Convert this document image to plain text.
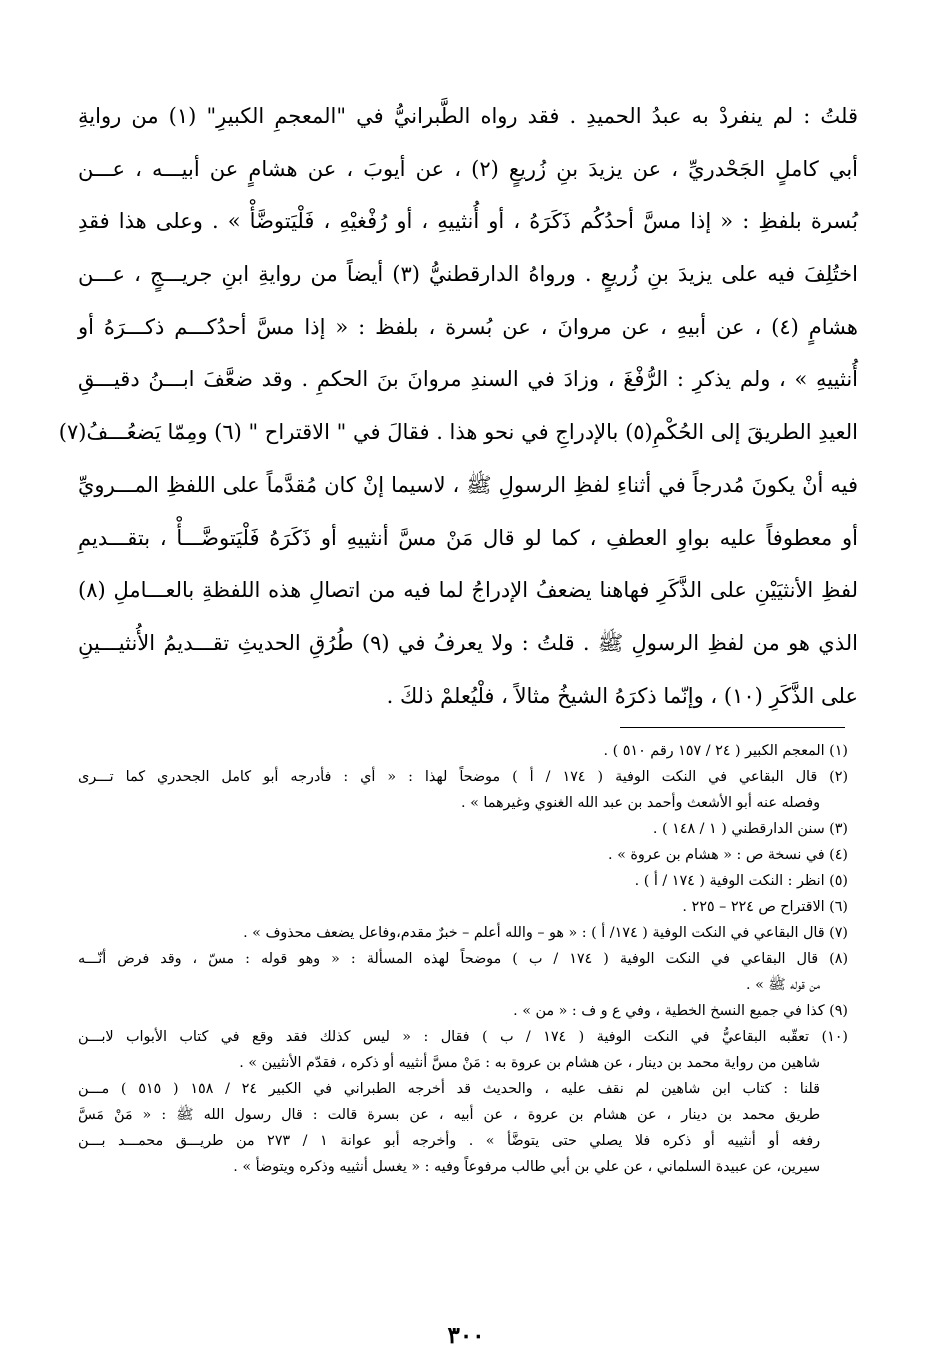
قلتُ : لم ينفردْ به عبدُ الحميدِ . فقد رواه الطَّبرانيُّ في "المعجمِ الكبيرِ" (١) من روايةِ
أبي كاملٍ الجَحْدريِّ ، عن يزيدَ بنِ زُريعٍ (٢) ، عن أيوبَ ، عن هشامٍ عن أبيـــه ، عـــن
بُسرة بلفظِ : « إذا مسَّ أحدُكُم ذَكَرَهُ ، أو أُنثييهِ ، أو رُفْغيْهِ ، فَلْيَتوضَّأْ » . وعلى هذا فقدِ
اختُلِفَ فيه على يزيدَ بنِ زُريعٍ . ورواهُ الدارقطنيُّ (٣) أيضاً من روايةِ ابنِ جريـــجٍ ، عـــن
هشامٍ (٤) ، عن أبيهِ ، عن مروانَ ، عن بُسرة ، بلفظ : « إذا مسَّ أحدُكـــم ذكـــرَهُ أو
أُنثييهِ » ، ولم يذكرِ : الرُّفْغَ ، وزادَ في السندِ مروانَ بنَ الحكمِ . وقد ضعَّفَ ابـــنُ دقيـــقِ
العيدِ الطريقَ إلى الحُكْمِ(٥) بالإدراجِ في نحو هذا . فقالَ في " الاقتراح " (٦) ومِمّا يَضعُـــفُ(٧)
فيه أنْ يكونَ مُدرجاً في أثناءِ لفظِ الرسولِ ﷺ ، لاسيما إنْ كان مُقدَّماً على اللفظِ المـــرويِّ
أو معطوفاً عليه بواوِ العطفِ ، كما لو قال مَنْ مسَّ أنثييهِ أو ذَكَرَهُ فَلْيَتوضَّـــأْ ، بتقـــديمِ
لفظِ الأنثيَيْنِ على الذَّكَرِ فهاهنا يضعفُ الإدراجُ لما فيه من اتصالِ هذه اللفظةِ بالعـــاملِ (٨)
الذي هو من لفظِ الرسولِ ﷺ . قلتُ : ولا يعرفُ في (٩) طُرُقِ الحديثِ تقـــديمُ الأُنثيـــينِ
على الذَّكَرِ (١٠) ، وإنّما ذكرَهُ الشيخُ مثالاً ، فلْيُعلمْ ذلكَ .
(١) المعجم الكبير ( ٢٤ / ١٥٧ رقم ٥١٠ ) .
(٢) قال البقاعي في النكت الوفية ( ١٧٤ / أ ) موضحاً لهذا : « أي : فأدرجه أبو كامل الجحدري كما تـــرى
وفصله عنه أبو الأشعث وأحمد بن عبد الله الغنوي وغيرهما » .
(٣) سنن الدارقطني ( ١ / ١٤٨ ) .
(٤) في نسخة ص : « هشام بن عروة » .
(٥) انظر : النكت الوفية ( ١٧٤ / أ ) .
(٦) الاقتراح ص ٢٢٤ – ٢٢٥ .
(٧) قال البقاعي في النكت الوفية ( ١٧٤/ أ ) : « هو – والله أعلم – خبرٌ مقدم،وفاعل يضعف محذوف » .
(٨) قال البقاعي في النكت الوفية ( ١٧٤ / ب ) موضحاً لهذه المسألة : « وهو قوله : مسّ ، وقد فرض أنّـــه
من قوله ﷺ » .
(٩) كذا في جميع النسخ الخطية ، وفي ع و ف : « من » .
(١٠) تعقّبه البقاعيُّ في النكت الوفية ( ١٧٤ / ب ) فقال : « ليس كذلك فقد وقع في كتاب الأبواب لابـــن
شاهين من رواية محمد بن دينار ، عن هشام بن عروة به : مَنْ مسَّ أنثييه أو ذكره ، فقدّم الأنثيين » .
قلنا : كتاب ابن شاهين لم نقف عليه ، والحديث قد أخرجه الطبراني في الكبير ٢٤ / ١٥٨ ( ٥١٥ ) مـــن
طريق محمد بن دينار ، عن هشام بن عروة ، عن أبيه ، عن بسرة قالت : قال رسول الله ﷺ : « مَنْ مَسَّ
رفغه أو أنثييه أو ذكره فلا يصلي حتى يتوضَّأ » . وأخرجه أبو عوانة ١ / ٢٧٣ من طريـــق محمـــد بـــن
سيرين، عن عبيدة السلماني ، عن علي بن أبي طالب مرفوعاً وفيه : « يغسل أنثييه وذكره ويتوضأ » .
٣٠٠
